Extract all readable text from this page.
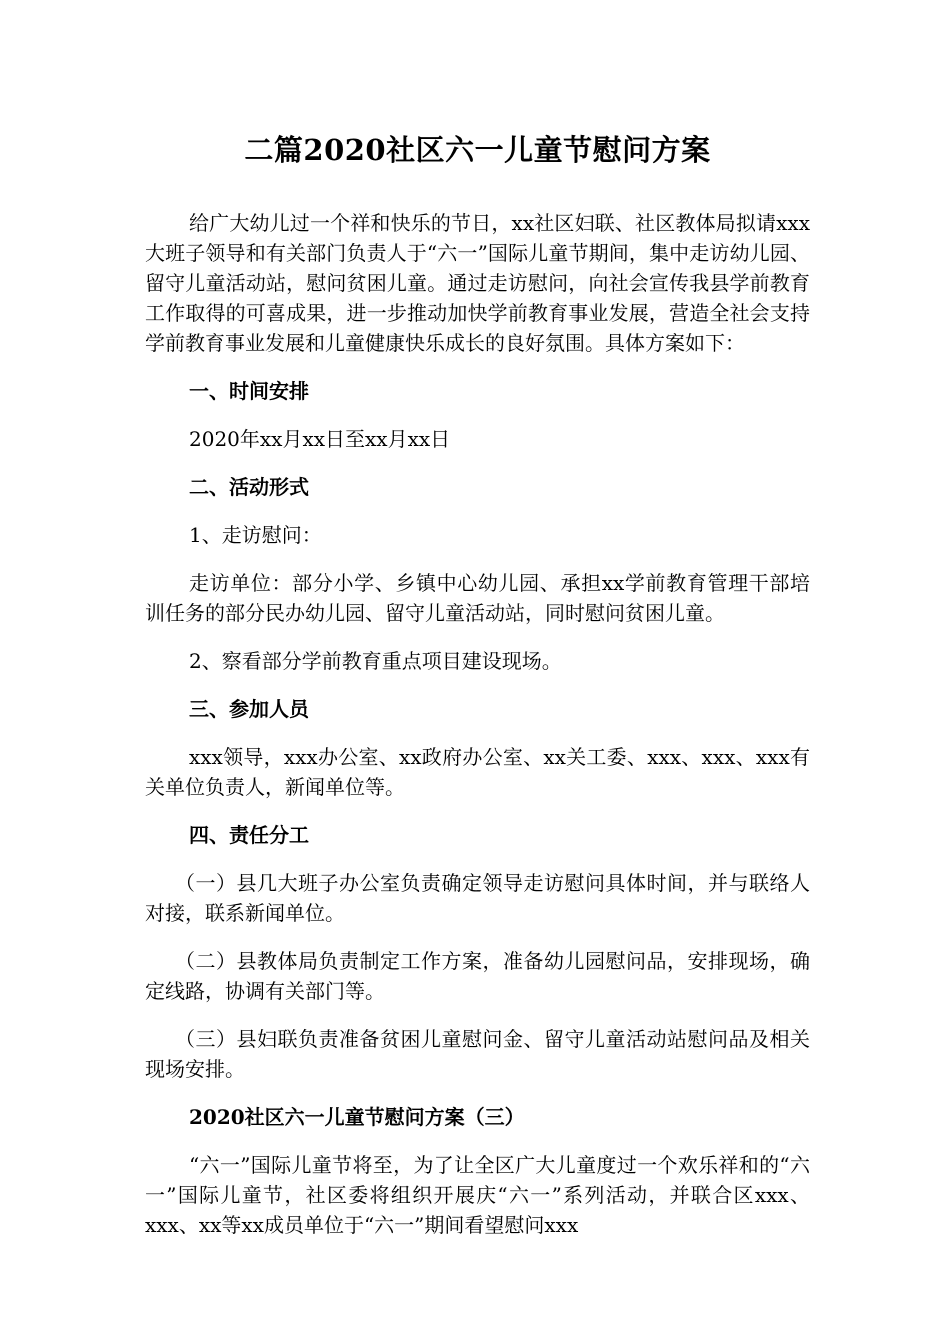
二篇2020社区六一儿童节慰问方案

给广大幼儿过一个祥和快乐的节日，xx社区妇联、社区教体局拟请xxx大班子领导和有关部门负责人于“六一”国际儿童节期间，集中走访幼儿园、留守儿童活动站，慰问贫困儿童。通过走访慰问，向社会宣传我县学前教育工作取得的可喜成果，进一步推动加快学前教育事业发展，营造全社会支持学前教育事业发展和儿童健康快乐成长的良好氛围。具体方案如下：

一、时间安排

2020年xx月xx日至xx月xx日

二、活动形式

1、走访慰问：

走访单位：部分小学、乡镇中心幼儿园、承担xx学前教育管理干部培训任务的部分民办幼儿园、留守儿童活动站，同时慰问贫困儿童。

2、察看部分学前教育重点项目建设现场。

三、参加人员

xxx领导，xxx办公室、xx政府办公室、xx关工委、xxx、xxx、xxx有关单位负责人，新闻单位等。

四、责任分工

（一）县几大班子办公室负责确定领导走访慰问具体时间，并与联络人对接，联系新闻单位。

（二）县教体局负责制定工作方案，准备幼儿园慰问品，安排现场，确定线路，协调有关部门等。

（三）县妇联负责准备贫困儿童慰问金、留守儿童活动站慰问品及相关现场安排。

2020社区六一儿童节慰问方案（三）

“六一”国际儿童节将至，为了让全区广大儿童度过一个欢乐祥和的“六一”国际儿童节，社区委将组织开展庆“六一”系列活动，并联合区xxx、xxx、xx等xx成员单位于“六一”期间看望慰问xxx
